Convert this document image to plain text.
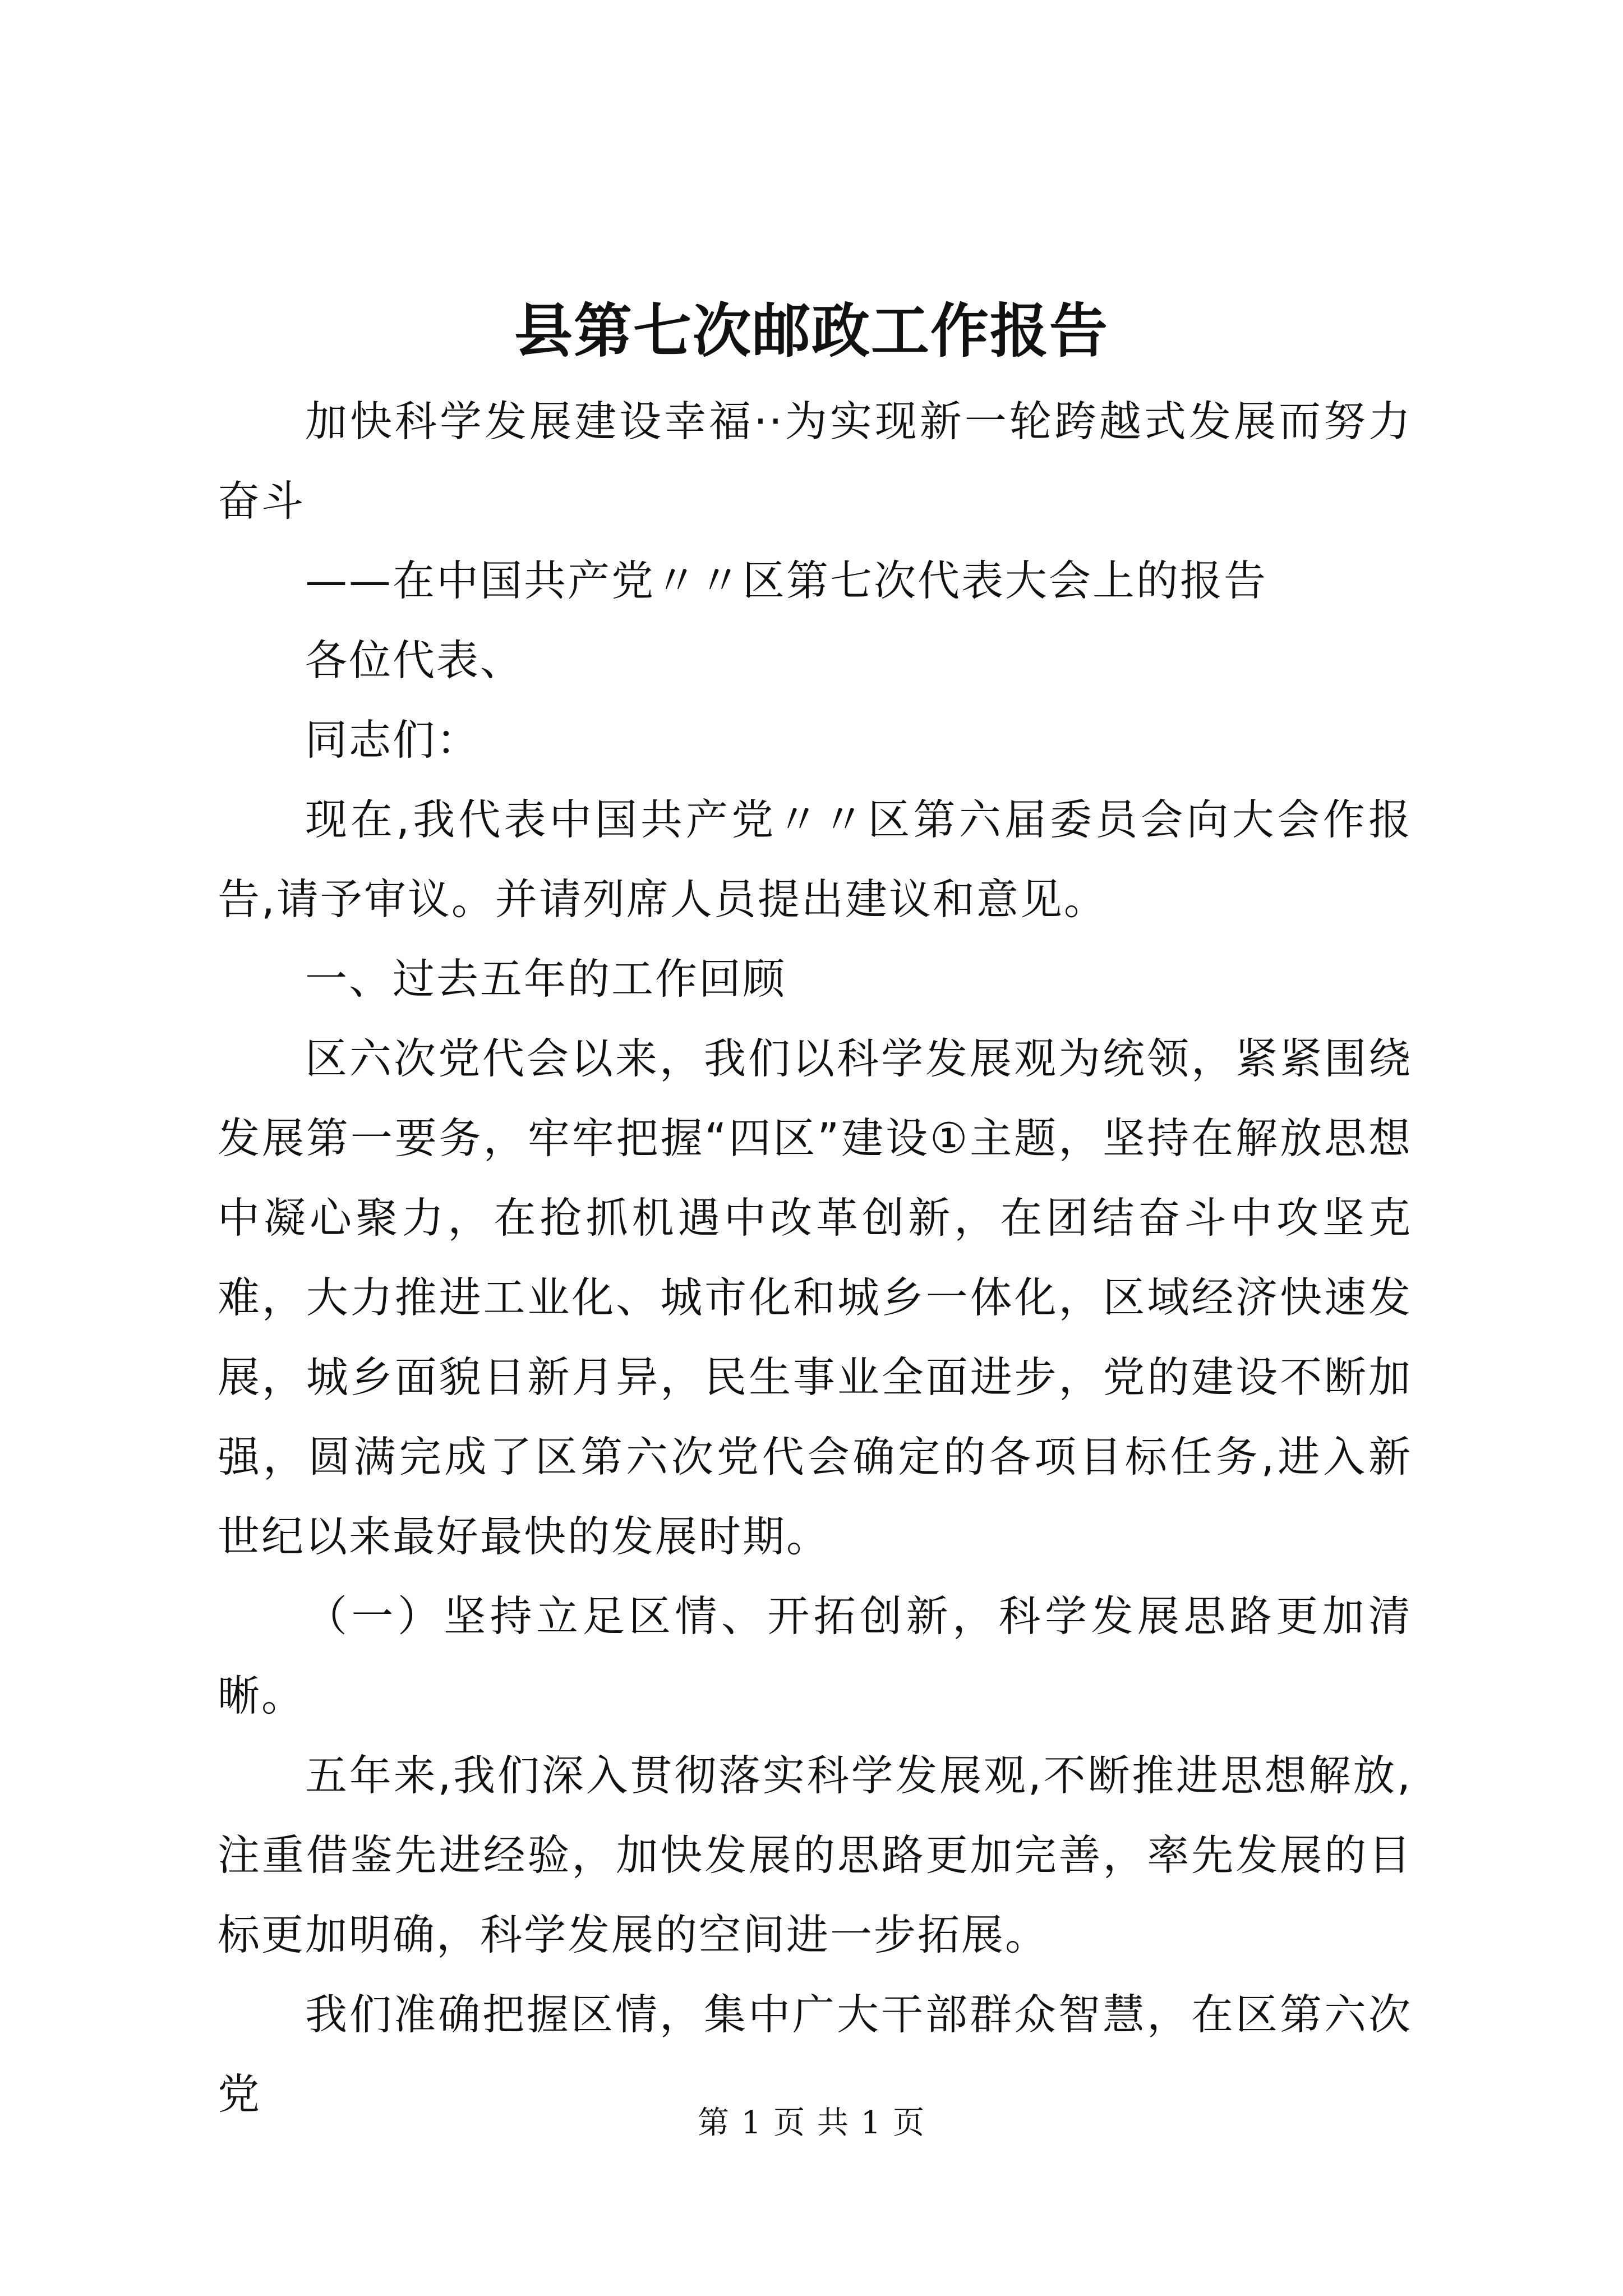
县第七次邮政工作报告

加快科学发展建设幸福··为实现新一轮跨越式发展而努力奋斗

——在中国共产党〃〃区第七次代表大会上的报告

各位代表、

同志们：

现在,我代表中国共产党〃〃区第六届委员会向大会作报告,请予审议。并请列席人员提出建议和意见。

一、过去五年的工作回顾

区六次党代会以来，我们以科学发展观为统领，紧紧围绕发展第一要务，牢牢把握“四区”建设①主题，坚持在解放思想中凝心聚力，在抢抓机遇中改革创新，在团结奋斗中攻坚克难，大力推进工业化、城市化和城乡一体化，区域经济快速发展，城乡面貌日新月异，民生事业全面进步，党的建设不断加强，圆满完成了区第六次党代会确定的各项目标任务,进入新世纪以来最好最快的发展时期。

（一）坚持立足区情、开拓创新，科学发展思路更加清晰。

五年来,我们深入贯彻落实科学发展观,不断推进思想解放,注重借鉴先进经验，加快发展的思路更加完善，率先发展的目标更加明确，科学发展的空间进一步拓展。

我们准确把握区情，集中广大干部群众智慧，在区第六次党

第 1 页 共 1 页
